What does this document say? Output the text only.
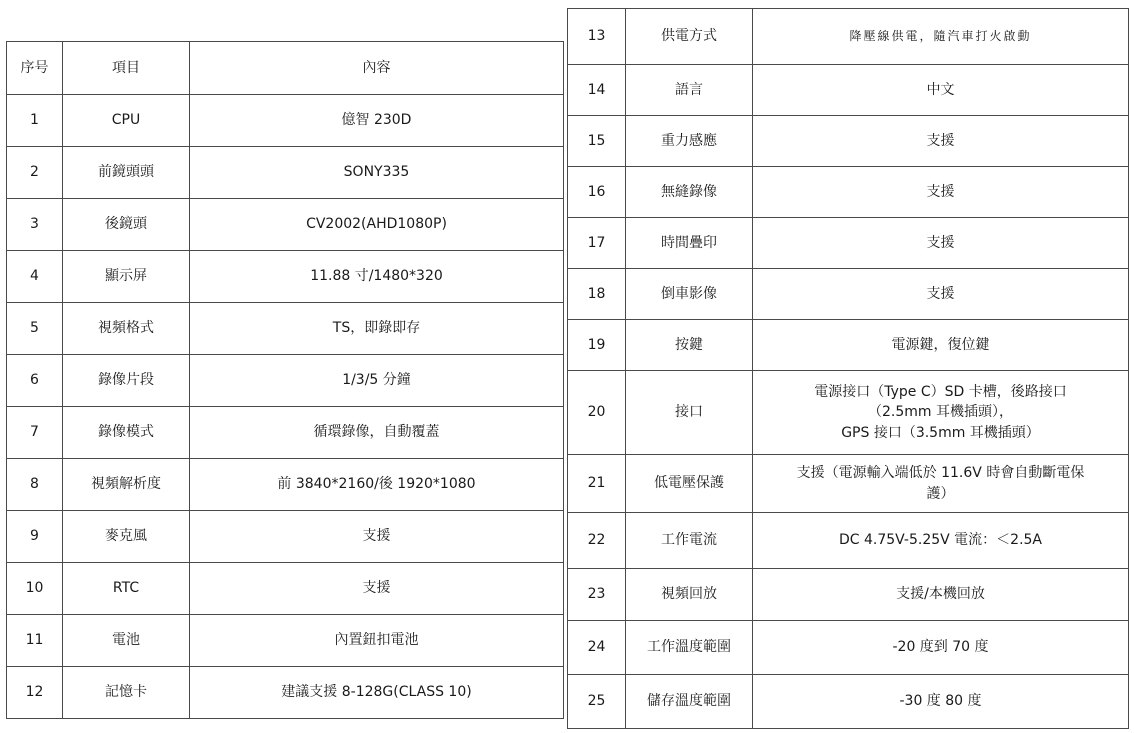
序号	項目	內容
1	CPU	億智 230D
2	前鏡頭頭	SONY335
3	後鏡頭	CV2002(AHD1080P)
4	顯示屏	11.88 寸/1480*320
5	視頻格式	TS，即錄即存
6	錄像片段	1/3/5 分鐘
7	錄像模式	循環錄像，自動覆蓋
8	視頻解析度	前 3840*2160/後 1920*1080
9	麥克風	支援
10	RTC	支援
11	電池	內置鈕扣電池
12	記憶卡	建議支援 8-128G(CLASS 10)
13	供電方式	降壓線供電，隨汽車打火啟動
14	語言	中文
15	重力感應	支援
16	無縫錄像	支援
17	時間疊印	支援
18	倒車影像	支援
19	按鍵	電源鍵，復位鍵
20	接口	電源接口（Type C）SD 卡槽，後路接口
（2.5mm 耳機插頭），
GPS 接口（3.5mm 耳機插頭）

21	低電壓保護	支援（電源輸入端低於 11.6V 時會自動斷電保
護）

22	工作電流	DC 4.75V-5.25V 電流：＜2.5A
23	視頻回放	支援/本機回放
24	工作溫度範圍	-20 度到 70 度
25	儲存溫度範圍	-30 度 80 度
